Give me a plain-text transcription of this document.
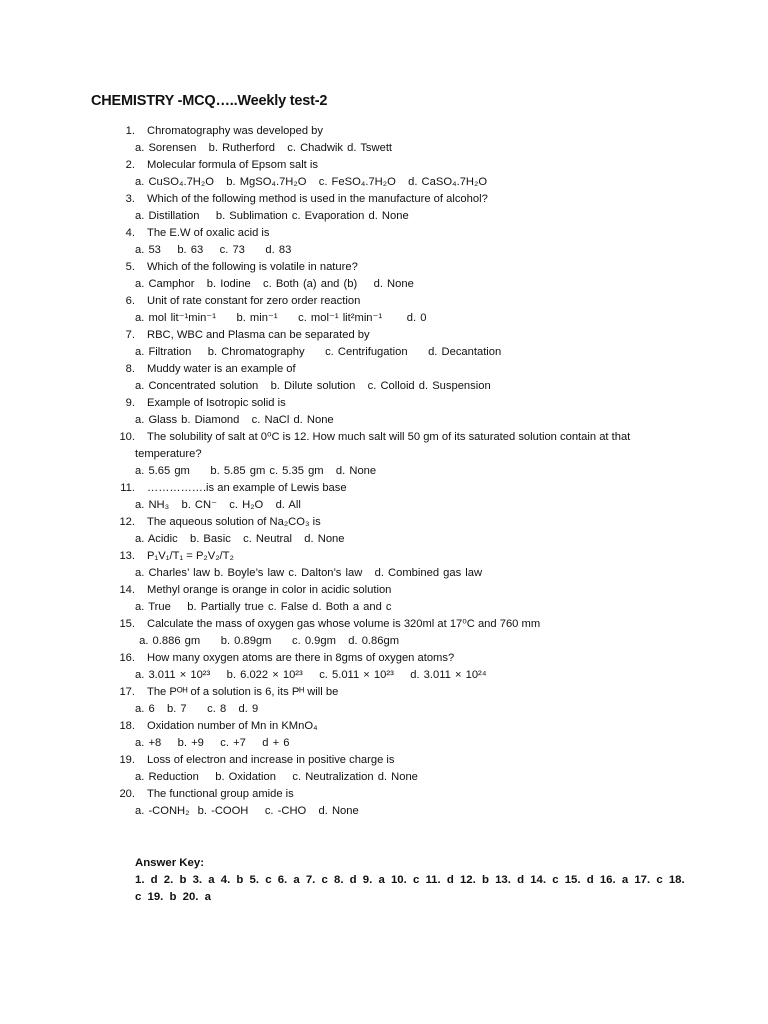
CHEMISTRY -MCQ…..Weekly test-2
1.	Chromatography was developed by
a. Sorensen   b. Rutherford   c. Chadwik d. Tswett
2.	Molecular formula of Epsom salt is
a. CuSO₄.7H₂O   b. MgSO₄.7H₂O   c. FeSO₄.7H₂O   d. CaSO₄.7H₂O
3.	Which of the following method is used in the manufacture of alcohol?
a. Distillation    b. Sublimation c. Evaporation d. None
4.	The E.W of oxalic acid is
a. 53    b. 63    c. 73     d. 83
5.	Which of the following is volatile in nature?
a. Camphor   b. Iodine   c. Both (a) and (b)    d. None
6.	Unit of rate constant for zero order reaction
a. mol lit⁻¹min⁻¹     b. min⁻¹     c. mol⁻¹ lit²min⁻¹      d. 0
7.	RBC, WBC and Plasma can be separated by
a. Filtration    b. Chromatography     c. Centrifugation     d. Decantation
8.	Muddy water is an example of
a. Concentrated solution   b. Dilute solution   c. Colloid d. Suspension
9.	Example of Isotropic solid is
a. Glass b. Diamond   c. NaCl d. None
10.	The solubility of salt at 0⁰C is 12. How much salt will 50 gm of its saturated solution contain at that
temperature?
a. 5.65 gm     b. 5.85 gm c. 5.35 gm   d. None
11.	…………….is an example of Lewis base
a. NH₃   b. CN⁻   c. H₂O   d. All
12.	The aqueous solution of Na₂CO₃ is
a. Acidic   b. Basic   c. Neutral   d. None
13.	P₁V₁/T₁ = P₂V₂/T₂
a. Charles’ law b. Boyle’s law c. Dalton’s law   d. Combined gas law
14.	Methyl orange is orange in color in acidic solution
a. True    b. Partially true c. False d. Both a and c
15.	Calculate the mass of oxygen gas whose volume is 320ml at 17⁰C and 760 mm
a. 0.886 gm     b. 0.89gm     c. 0.9gm   d. 0.86gm
16.	How many oxygen atoms are there in 8gms of oxygen atoms?
a. 3.011 × 10²³    b. 6.022 × 10²³    c. 5.011 × 10²³    d. 3.011 × 10²⁴
17.	The Pᴼᴴ of a solution is 6, its Pᴴ will be
a. 6   b. 7     c. 8   d. 9
18.	Oxidation number of Mn in KMnO₄
a. +8    b. +9    c. +7    d + 6
19.	Loss of electron and increase in positive charge is
a. Reduction    b. Oxidation    c. Neutralization d. None
20.	The functional group amide is
a. -CONH₂  b. -COOH    c. -CHO   d. None
Answer Key:
1. d 2. b 3. a 4. b 5. c 6. a 7. c 8. d 9. a 10. c 11. d 12. b 13. d 14. c 15. d 16. a 17. c 18. c 19. b 20. a
